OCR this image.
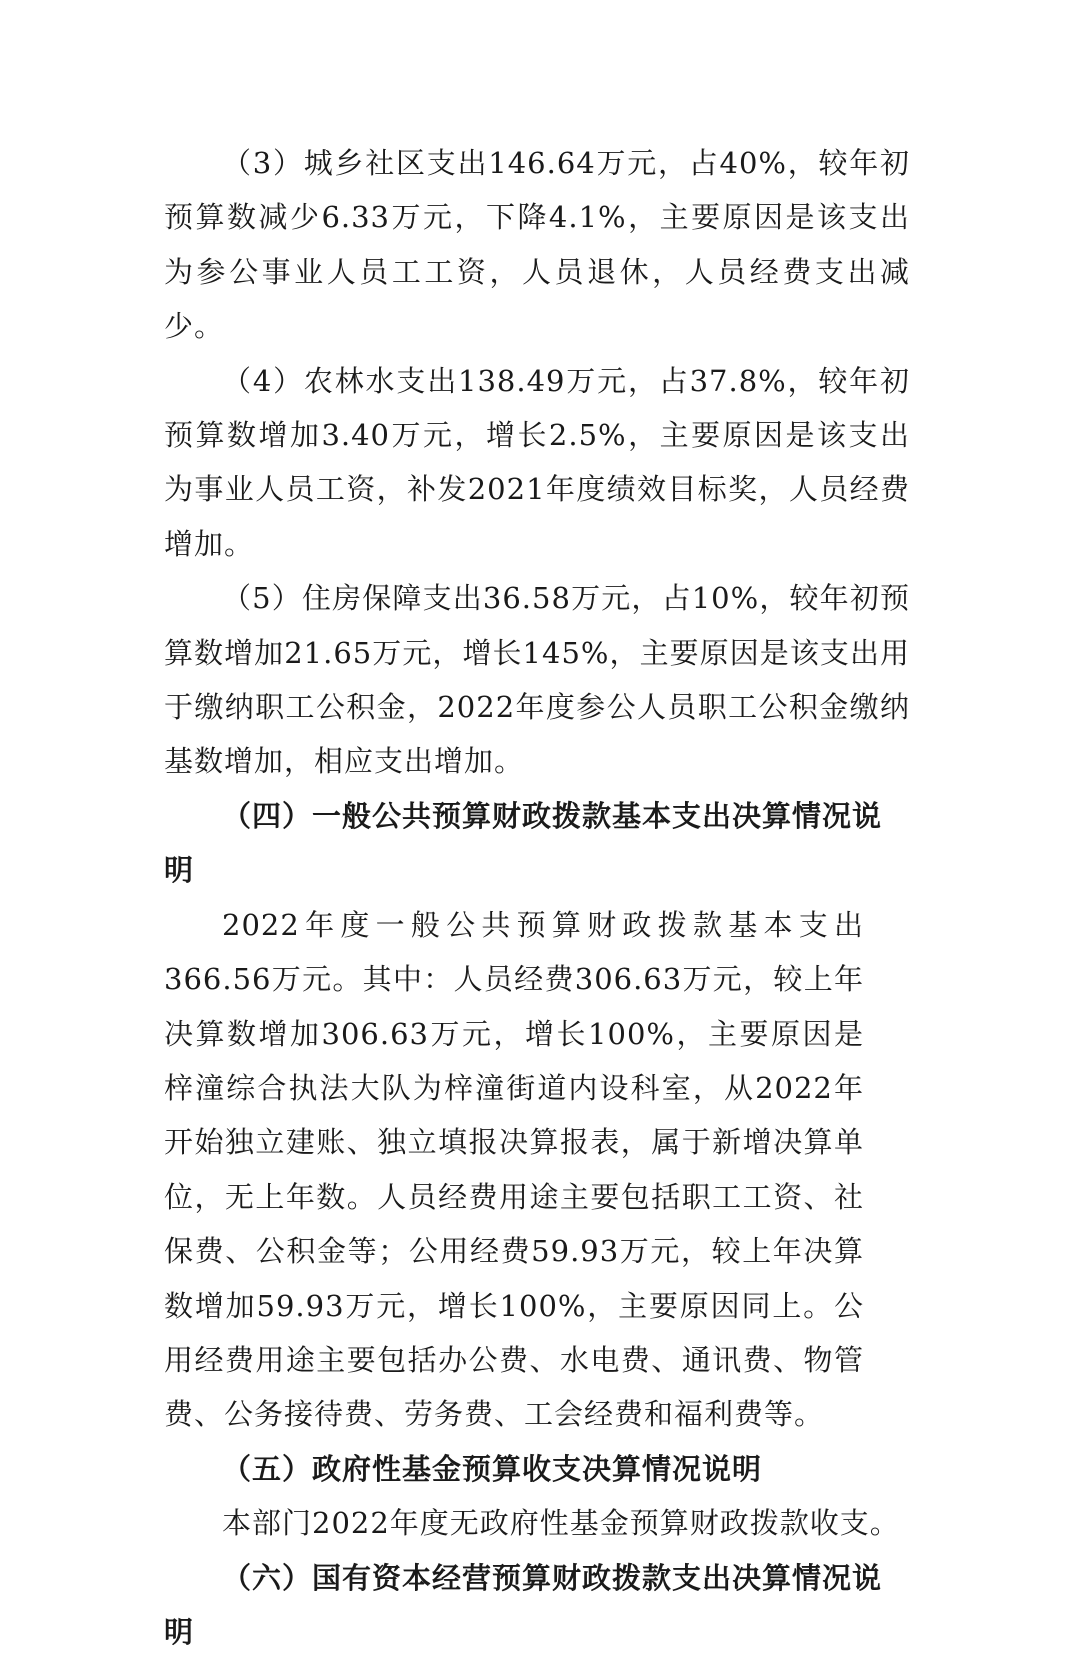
（3）城乡社区支出146.64万元，占40%，较年初预算数减少6.33万元，下降4.1%，主要原因是该支出为参公事业人员工工资，人员退休，人员经费支出减少。

（4）农林水支出138.49万元，占37.8%，较年初预算数增加3.40万元，增长2.5%，主要原因是该支出为事业人员工资，补发2021年度绩效目标奖，人员经费增加。

（5）住房保障支出36.58万元，占10%，较年初预算数增加21.65万元，增长145%，主要原因是该支出用于缴纳职工公积金，2022年度参公人员职工公积金缴纳基数增加，相应支出增加。

（四）一般公共预算财政拨款基本支出决算情况说明

2022年度一般公共预算财政拨款基本支出366.56万元。其中：人员经费306.63万元，较上年决算数增加306.63万元，增长100%，主要原因是梓潼综合执法大队为梓潼街道内设科室，从2022年开始独立建账、独立填报决算报表，属于新增决算单位，无上年数。人员经费用途主要包括职工工资、社保费、公积金等；公用经费59.93万元，较上年决算数增加59.93万元，增长100%，主要原因同上。公用经费用途主要包括办公费、水电费、通讯费、物管费、公务接待费、劳务费、工会经费和福利费等。

（五）政府性基金预算收支决算情况说明

本部门2022年度无政府性基金预算财政拨款收支。

（六）国有资本经营预算财政拨款支出决算情况说明
